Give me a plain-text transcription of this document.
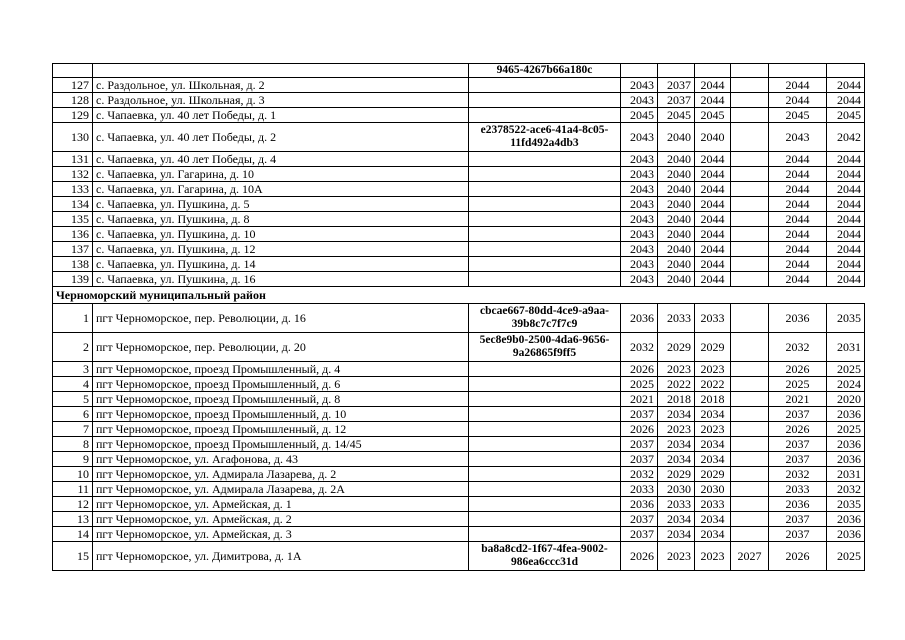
		9465-4267b66a180c						
127	с. Раздольное, ул. Школьная, д. 2		2043	2037	2044		2044	2044
128	с. Раздольное, ул. Школьная, д. 3		2043	2037	2044		2044	2044
129	с. Чапаевка, ул. 40 лет Победы, д. 1		2045	2045	2045		2045	2045
130	с. Чапаевка, ул. 40 лет Победы, д. 2	e2378522-ace6-41a4-8c05-11fd492a4db3	2043	2040	2040		2043	2042
131	с. Чапаевка, ул. 40 лет Победы, д. 4		2043	2040	2044		2044	2044
132	с. Чапаевка, ул. Гагарина, д. 10		2043	2040	2044		2044	2044
133	с. Чапаевка, ул. Гагарина, д. 10А		2043	2040	2044		2044	2044
134	с. Чапаевка, ул. Пушкина, д. 5		2043	2040	2044		2044	2044
135	с. Чапаевка, ул. Пушкина, д. 8		2043	2040	2044		2044	2044
136	с. Чапаевка, ул. Пушкина, д. 10		2043	2040	2044		2044	2044
137	с. Чапаевка, ул. Пушкина, д. 12		2043	2040	2044		2044	2044
138	с. Чапаевка, ул. Пушкина, д. 14		2043	2040	2044		2044	2044
139	с. Чапаевка, ул. Пушкина, д. 16		2043	2040	2044		2044	2044
Черноморский муниципальный район								
1	пгт Черноморское, пер. Революции, д. 16	cbcae667-80dd-4ce9-a9aa-39b8c7c7f7c9	2036	2033	2033		2036	2035
2	пгт Черноморское, пер. Революции, д. 20	5ec8e9b0-2500-4da6-9656-9a26865f9ff5	2032	2029	2029		2032	2031
3	пгт Черноморское, проезд Промышленный, д. 4		2026	2023	2023		2026	2025
4	пгт Черноморское, проезд Промышленный, д. 6		2025	2022	2022		2025	2024
5	пгт Черноморское, проезд Промышленный, д. 8		2021	2018	2018		2021	2020
6	пгт Черноморское, проезд Промышленный, д. 10		2037	2034	2034		2037	2036
7	пгт Черноморское, проезд Промышленный, д. 12		2026	2023	2023		2026	2025
8	пгт Черноморское, проезд Промышленный, д. 14/45		2037	2034	2034		2037	2036
9	пгт Черноморское, ул. Агафонова, д. 43		2037	2034	2034		2037	2036
10	пгт Черноморское, ул. Адмирала Лазарева, д. 2		2032	2029	2029		2032	2031
11	пгт Черноморское, ул. Адмирала Лазарева, д. 2А		2033	2030	2030		2033	2032
12	пгт Черноморское, ул. Армейская, д. 1		2036	2033	2033		2036	2035
13	пгт Черноморское, ул. Армейская, д. 2		2037	2034	2034		2037	2036
14	пгт Черноморское, ул. Армейская, д. 3		2037	2034	2034		2037	2036
15	пгт Черноморское, ул. Димитрова, д. 1А	ba8a8cd2-1f67-4fea-9002-986ea6ccc31d	2026	2023	2023	2027	2026	2025
